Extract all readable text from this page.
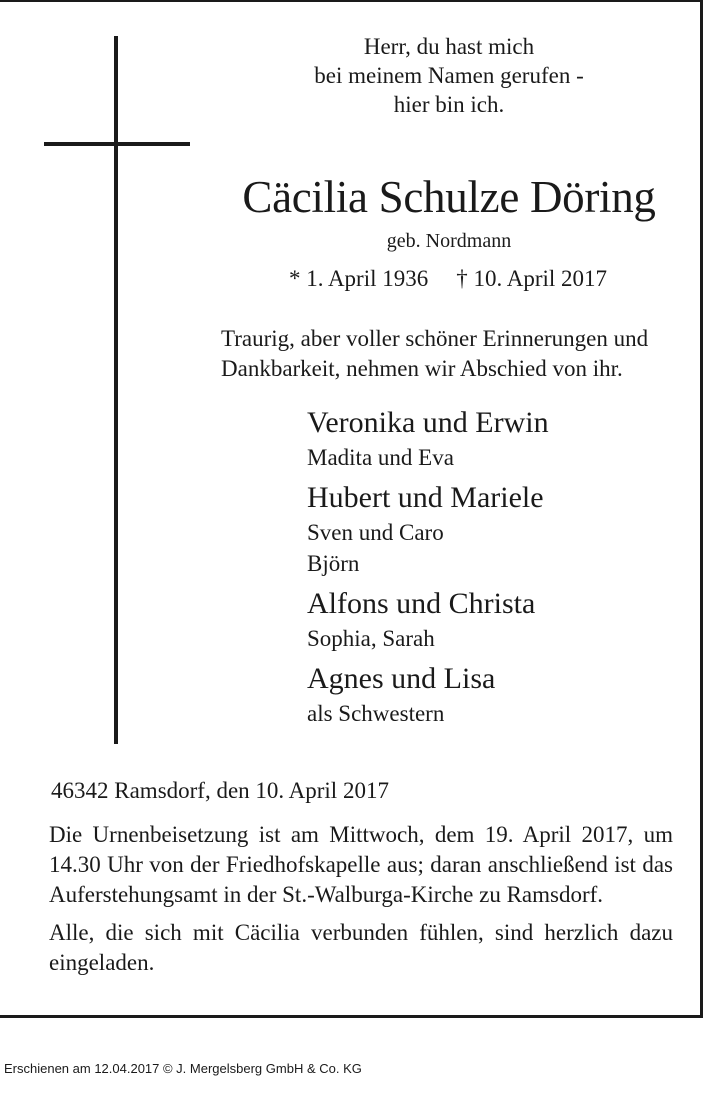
Herr, du hast mich
bei meinem Namen gerufen -
hier bin ich.
Cäcilia Schulze Döring
geb. Nordmann
* 1. April 1936 † 10. April 2017
Traurig, aber voller schöner Erinnerungen und Dankbarkeit, nehmen wir Abschied von ihr.
Veronika und Erwin
Madita und Eva
Hubert und Mariele
Sven und Caro
Björn
Alfons und Christa
Sophia, Sarah
Agnes und Lisa
als Schwestern
46342 Ramsdorf, den 10. April 2017

Die Urnenbeisetzung ist am Mittwoch, dem 19. April 2017, um 14.30 Uhr von der Friedhofskapelle aus; daran anschließend ist das Auferstehungsamt in der St.-Walburga-Kirche zu Ramsdorf.

Alle, die sich mit Cäcilia verbunden fühlen, sind herzlich dazu eingeladen.

Erschienen am 12.04.2017 © J. Mergelsberg GmbH & Co. KG
